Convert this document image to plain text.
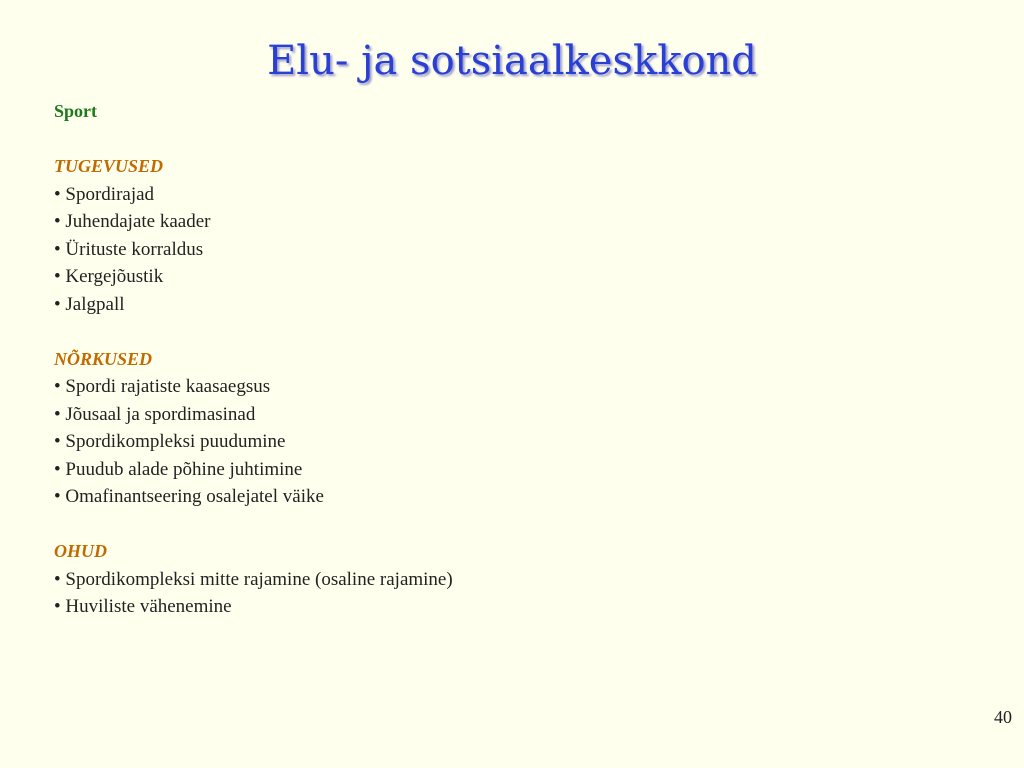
Elu- ja sotsiaalkeskkond
Sport
TUGEVUSED
• Spordirajad
• Juhendajate kaader
• Ürituste korraldus
• Kergejõustik
• Jalgpall
NÕRKUSED
• Spordi rajatiste kaasaegsus
• Jõusaal ja spordimasinad
• Spordikompleksi puudumine
• Puudub alade põhine juhtimine
• Omafinantseering osalejatel väike
OHUD
• Spordikompleksi mitte rajamine (osaline rajamine)
• Huviliste vähenemine
40
